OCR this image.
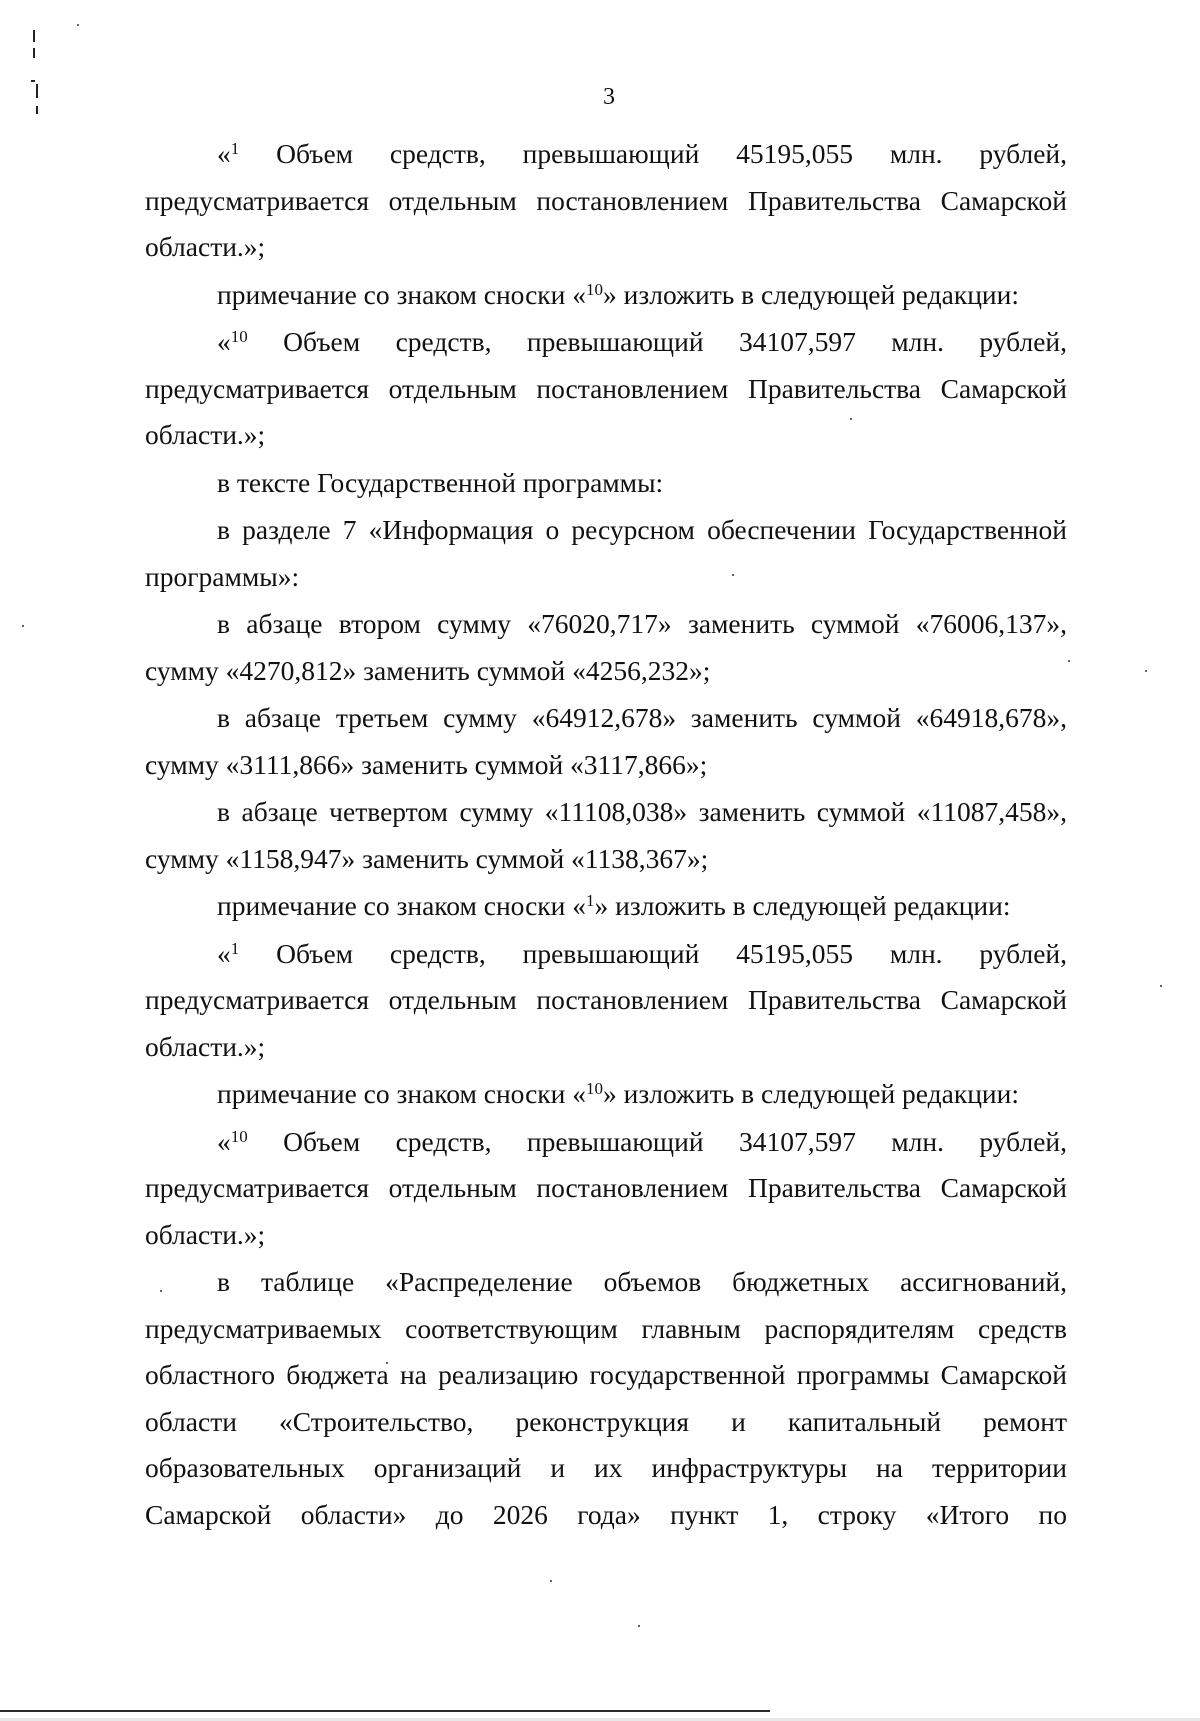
3

«$^1$ Объем средств, превышающий 45195,055 млн. рублей, предусматривается отдельным постановлением Правительства Самарской области.»;

примечание со знаком сноски «$^{10}$» изложить в следующей редакции:

«$^{10}$ Объем средств, превышающий 34107,597 млн. рублей, предусматривается отдельным постановлением Правительства Самарской области.»;

в тексте Государственной программы:

в разделе 7 «Информация о ресурсном обеспечении Государственной программы»:

в абзаце втором сумму «76020,717» заменить суммой «76006,137», сумму «4270,812» заменить суммой «4256,232»;

в абзаце третьем сумму «64912,678» заменить суммой «64918,678», сумму «3111,866» заменить суммой «3117,866»;

в абзаце четвертом сумму «11108,038» заменить суммой «11087,458», сумму «1158,947» заменить суммой «1138,367»;

примечание со знаком сноски «$^1$» изложить в следующей редакции:

«$^1$ Объем средств, превышающий 45195,055 млн. рублей, предусматривается отдельным постановлением Правительства Самарской области.»;

примечание со знаком сноски «$^{10}$» изложить в следующей редакции:

«$^{10}$ Объем средств, превышающий 34107,597 млн. рублей, предусматривается отдельным постановлением Правительства Самарской области.»;

в таблице «Распределение объемов бюджетных ассигнований, предусматриваемых соответствующим главным распорядителям средств областного бюджета на реализацию государственной программы Самарской области «Строительство, реконструкция и капитальный ремонт образовательных организаций и их инфраструктуры на территории Самарской области» до 2026 года» пункт 1, строку «Итого по
